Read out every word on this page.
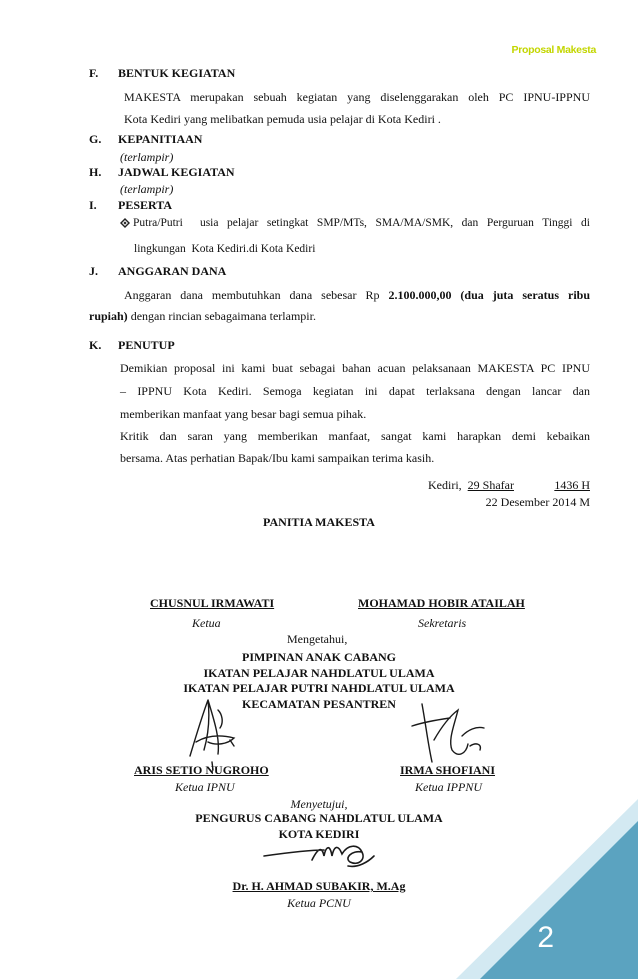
Proposal Makesta
F. BENTUK KEGIATAN
MAKESTA merupakan sebuah kegiatan yang diselenggarakan oleh PC IPNU-IPPNU
Kota Kediri yang melibatkan pemuda usia pelajar di Kota Kediri .
G. KEPANITIAAN
(terlampir)
H. JADWAL KEGIATAN
(terlampir)
I. PESERTA
Putra/Putri    usia  pelajar  setingkat  SMP/MTs,  SMA/MA/SMK,  dan  Perguruan  Tinggi  di
lingkungan  Kota Kediri.di Kota Kediri
J. ANGGARAN DANA
Anggaran dana membutuhkan dana sebesar Rp 2.100.000,00 (dua juta seratus ribu
rupiah) dengan rincian sebagaimana terlampir.
K. PENUTUP
Demikian proposal ini kami buat sebagai bahan acuan pelaksanaan MAKESTA PC IPNU
– IPPNU Kota Kediri. Semoga kegiatan ini dapat terlaksana dengan lancar dan
memberikan manfaat yang besar bagi semua pihak.
Kritik dan saran yang memberikan manfaat, sangat kami harapkan demi kebaikan
bersama. Atas perhatian Bapak/Ibu kami sampaikan terima kasih.
Kediri, 29 Shafar	1436 H
22 Desember 2014 M
PANITIA MAKESTA
CHUSNUL IRMAWATI
Ketua
MOHAMAD HOBIR ATAILAH
Sekretaris
Mengetahui,
PIMPINAN ANAK CABANG
IKATAN PELAJAR NAHDLATUL ULAMA
IKATAN PELAJAR PUTRI NAHDLATUL ULAMA
KECAMATAN PESANTREN
ARIS SETIO NUGROHO
Ketua IPNU
IRMA SHOFIANI
Ketua IPPNU
Menyetujui,
PENGURUS CABANG NAHDLATUL ULAMA
KOTA KEDIRI
Dr. H. AHMAD SUBAKIR, M.Ag
Ketua PCNU
2
